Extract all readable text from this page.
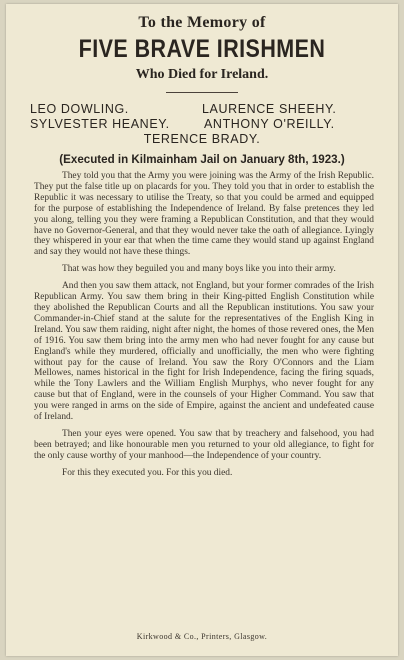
To the Memory of
FIVE BRAVE IRISHMEN
Who Died for Ireland.
LEO DOWLING.	LAURENCE SHEEHY.
SYLVESTER HEANEY.	ANTHONY O'REILLY.
TERENCE BRADY.
(Executed in Kilmainham Jail on January 8th, 1923.)

They told you that the Army you were joining was the Army of the Irish Republic. They put the false title up on placards for you. They told you that in order to establish the Republic it was necessary to utilise the Treaty, so that you could be armed and equipped for the purpose of establishing the Independence of Ireland. By false pretences they led you along, telling you they were framing a Republican Constitution, and that they would have no Governor-General, and that they would never take the oath of allegiance. Lyingly they whispered in your ear that when the time came they would stand up against England and say they would not have these things.

That was how they beguiled you and many boys like you into their army.

And then you saw them attack, not England, but your former comrades of the Irish Republican Army. You saw them bring in their King-pitted English Constitution while they abolished the Republican Courts and all the Republican institutions. You saw your Commander-in-Chief stand at the salute for the representatives of the English King in Ireland. You saw them raiding, night after night, the homes of those revered ones, the Men of 1916. You saw them bring into the army men who had never fought for any cause but England's while they murdered, officially and unofficially, the men who were fighting without pay for the cause of Ireland. You saw the Rory O'Connors and the Liam Mellowes, names historical in the fight for Irish Independence, facing the firing squads, while the Tony Lawlers and the William English Murphys, who never fought for any cause but that of England, were in the counsels of your Higher Command. You saw that you were ranged in arms on the side of Empire, against the ancient and undefeated cause of Ireland.

Then your eyes were opened. You saw that by treachery and falsehood, you had been betrayed; and like honourable men you returned to your old allegiance, to fight for the only cause worthy of your manhood—the Independence of your country.

For this they executed you. For this you died.

Kirkwood & Co., Printers, Glasgow.
